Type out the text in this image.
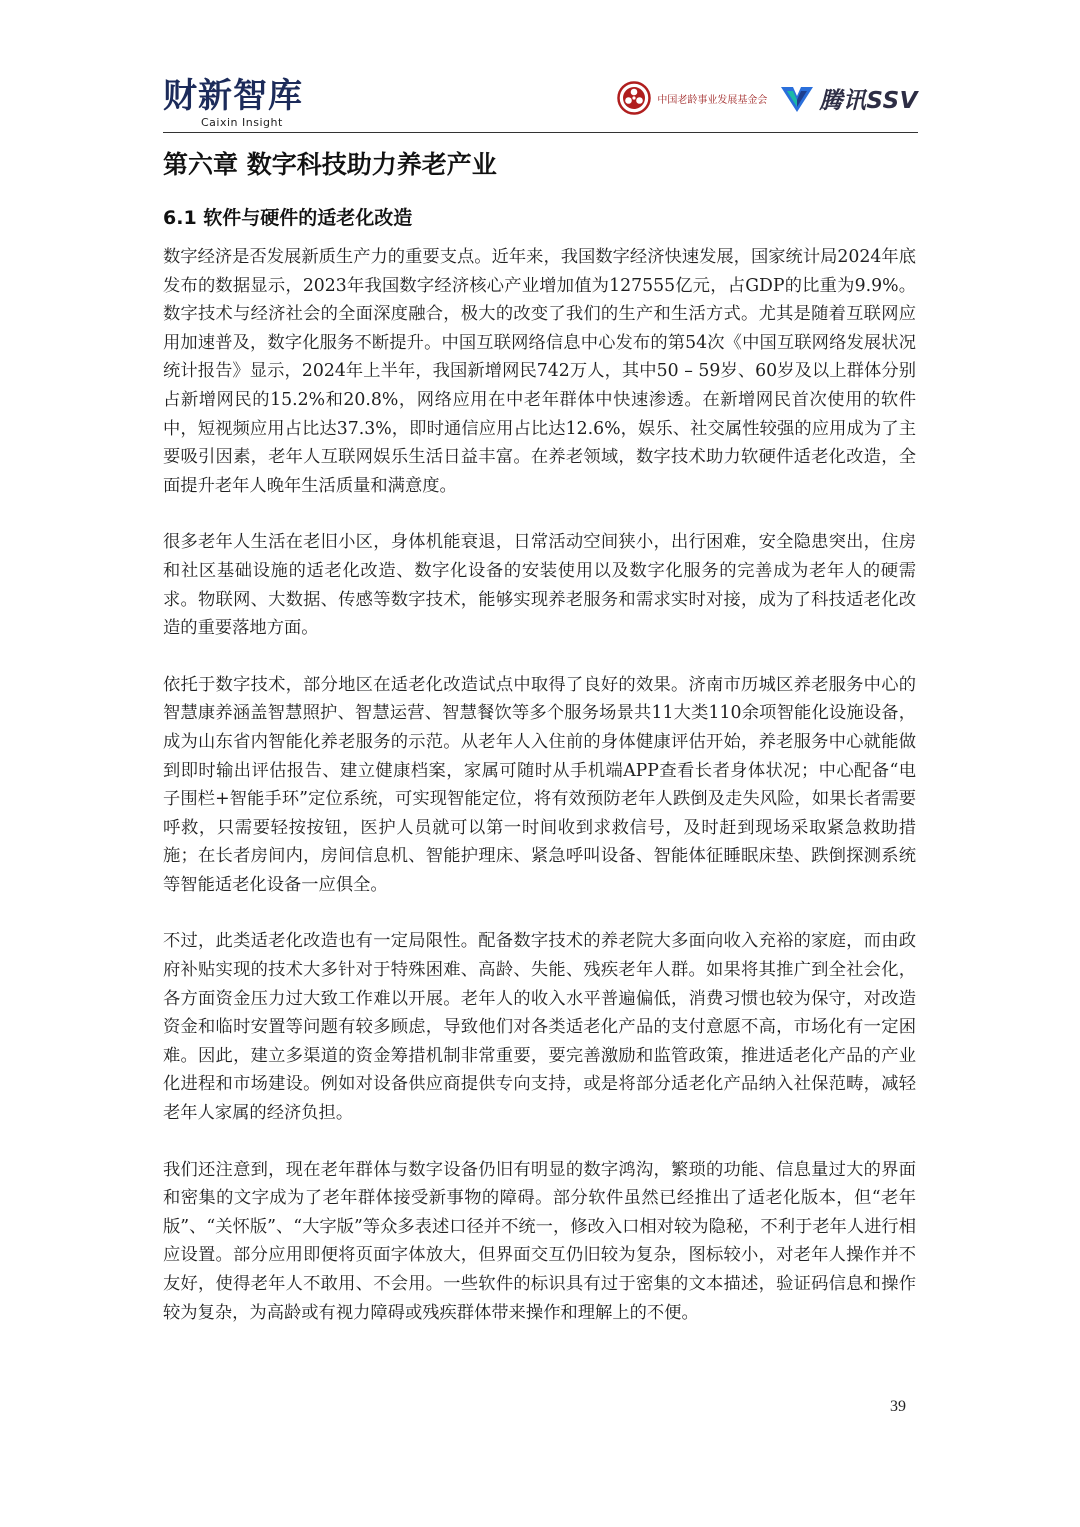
财新智库
Caixin Insight
中国老龄事业发展基金会 腾讯SSV
第六章 数字科技助力养老产业
6.1 软件与硬件的适老化改造

数字经济是否发展新质生产力的重要支点。近年来，我国数字经济快速发展，国家统计局2024年底发布的数据显示，2023年我国数字经济核心产业增加值为127555亿元，占GDP的比重为9.9%。数字技术与经济社会的全面深度融合，极大的改变了我们的生产和生活方式。尤其是随着互联网应用加速普及，数字化服务不断提升。中国互联网络信息中心发布的第54次《中国互联网络发展状况统计报告》显示，2024年上半年，我国新增网民742万人，其中50 – 59岁、60岁及以上群体分别占新增网民的15.2%和20.8%，网络应用在中老年群体中快速渗透。在新增网民首次使用的软件中，短视频应用占比达37.3%，即时通信应用占比达12.6%，娱乐、社交属性较强的应用成为了主要吸引因素，老年人互联网娱乐生活日益丰富。在养老领域，数字技术助力软硬件适老化改造，全面提升老年人晚年生活质量和满意度。

很多老年人生活在老旧小区，身体机能衰退，日常活动空间狭小，出行困难，安全隐患突出，住房和社区基础设施的适老化改造、数字化设备的安装使用以及数字化服务的完善成为老年人的硬需求。物联网、大数据、传感等数字技术，能够实现养老服务和需求实时对接，成为了科技适老化改造的重要落地方面。

依托于数字技术，部分地区在适老化改造试点中取得了良好的效果。济南市历城区养老服务中心的智慧康养涵盖智慧照护、智慧运营、智慧餐饮等多个服务场景共11大类110余项智能化设施设备，成为山东省内智能化养老服务的示范。从老年人入住前的身体健康评估开始，养老服务中心就能做到即时输出评估报告、建立健康档案，家属可随时从手机端APP查看长者身体状况；中心配备“电子围栏+智能手环”定位系统，可实现智能定位，将有效预防老年人跌倒及走失风险，如果长者需要呼救，只需要轻按按钮，医护人员就可以第一时间收到求救信号，及时赶到现场采取紧急救助措施；在长者房间内，房间信息机、智能护理床、紧急呼叫设备、智能体征睡眠床垫、跌倒探测系统等智能适老化设备一应俱全。

不过，此类适老化改造也有一定局限性。配备数字技术的养老院大多面向收入充裕的家庭，而由政府补贴实现的技术大多针对于特殊困难、高龄、失能、残疾老年人群。如果将其推广到全社会化，各方面资金压力过大致工作难以开展。老年人的收入水平普遍偏低，消费习惯也较为保守，对改造资金和临时安置等问题有较多顾虑，导致他们对各类适老化产品的支付意愿不高，市场化有一定困难。因此，建立多渠道的资金筹措机制非常重要，要完善激励和监管政策，推进适老化产品的产业化进程和市场建设。例如对设备供应商提供专向支持，或是将部分适老化产品纳入社保范畴，减轻老年人家属的经济负担。

我们还注意到，现在老年群体与数字设备仍旧有明显的数字鸿沟，繁琐的功能、信息量过大的界面和密集的文字成为了老年群体接受新事物的障碍。部分软件虽然已经推出了适老化版本，但“老年版”、“关怀版”、“大字版”等众多表述口径并不统一，修改入口相对较为隐秘，不利于老年人进行相应设置。部分应用即便将页面字体放大，但界面交互仍旧较为复杂，图标较小，对老年人操作并不友好，使得老年人不敢用、不会用。一些软件的标识具有过于密集的文本描述，验证码信息和操作较为复杂，为高龄或有视力障碍或残疾群体带来操作和理解上的不便。

39
